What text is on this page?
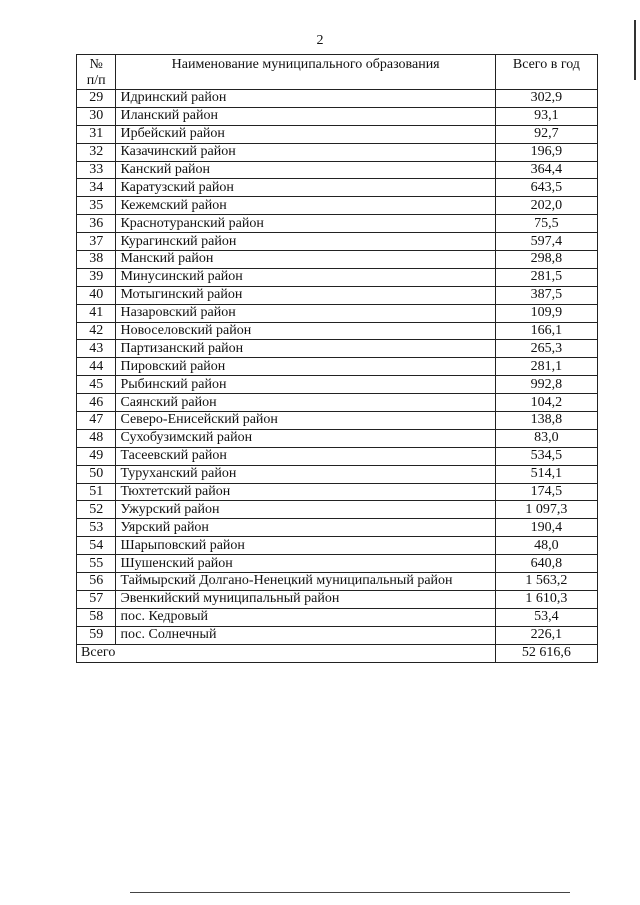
2
№
п/п	Наименование муниципального образования	Всего в год
29	Идринский район	302,9
30	Иланский район	93,1
31	Ирбейский район	92,7
32	Казачинский район	196,9
33	Канский район	364,4
34	Каратузский район	643,5
35	Кежемский район	202,0
36	Краснотуранский район	75,5
37	Курагинский район	597,4
38	Манский район	298,8
39	Минусинский район	281,5
40	Мотыгинский район	387,5
41	Назаровский район	109,9
42	Новоселовский район	166,1
43	Партизанский район	265,3
44	Пировский район	281,1
45	Рыбинский район	992,8
46	Саянский район	104,2
47	Северо-Енисейский район	138,8
48	Сухобузимский район	83,0
49	Тасеевский район	534,5
50	Туруханский район	514,1
51	Тюхтетский район	174,5
52	Ужурский район	1 097,3
53	Уярский район	190,4
54	Шарыповский район	48,0
55	Шушенский район	640,8
56	Таймырский Долгано-Ненецкий муниципальный район	1 563,2
57	Эвенкийский муниципальный район	1 610,3
58	пос. Кедровый	53,4
59	пос. Солнечный	226,1
Всего		52 616,6
